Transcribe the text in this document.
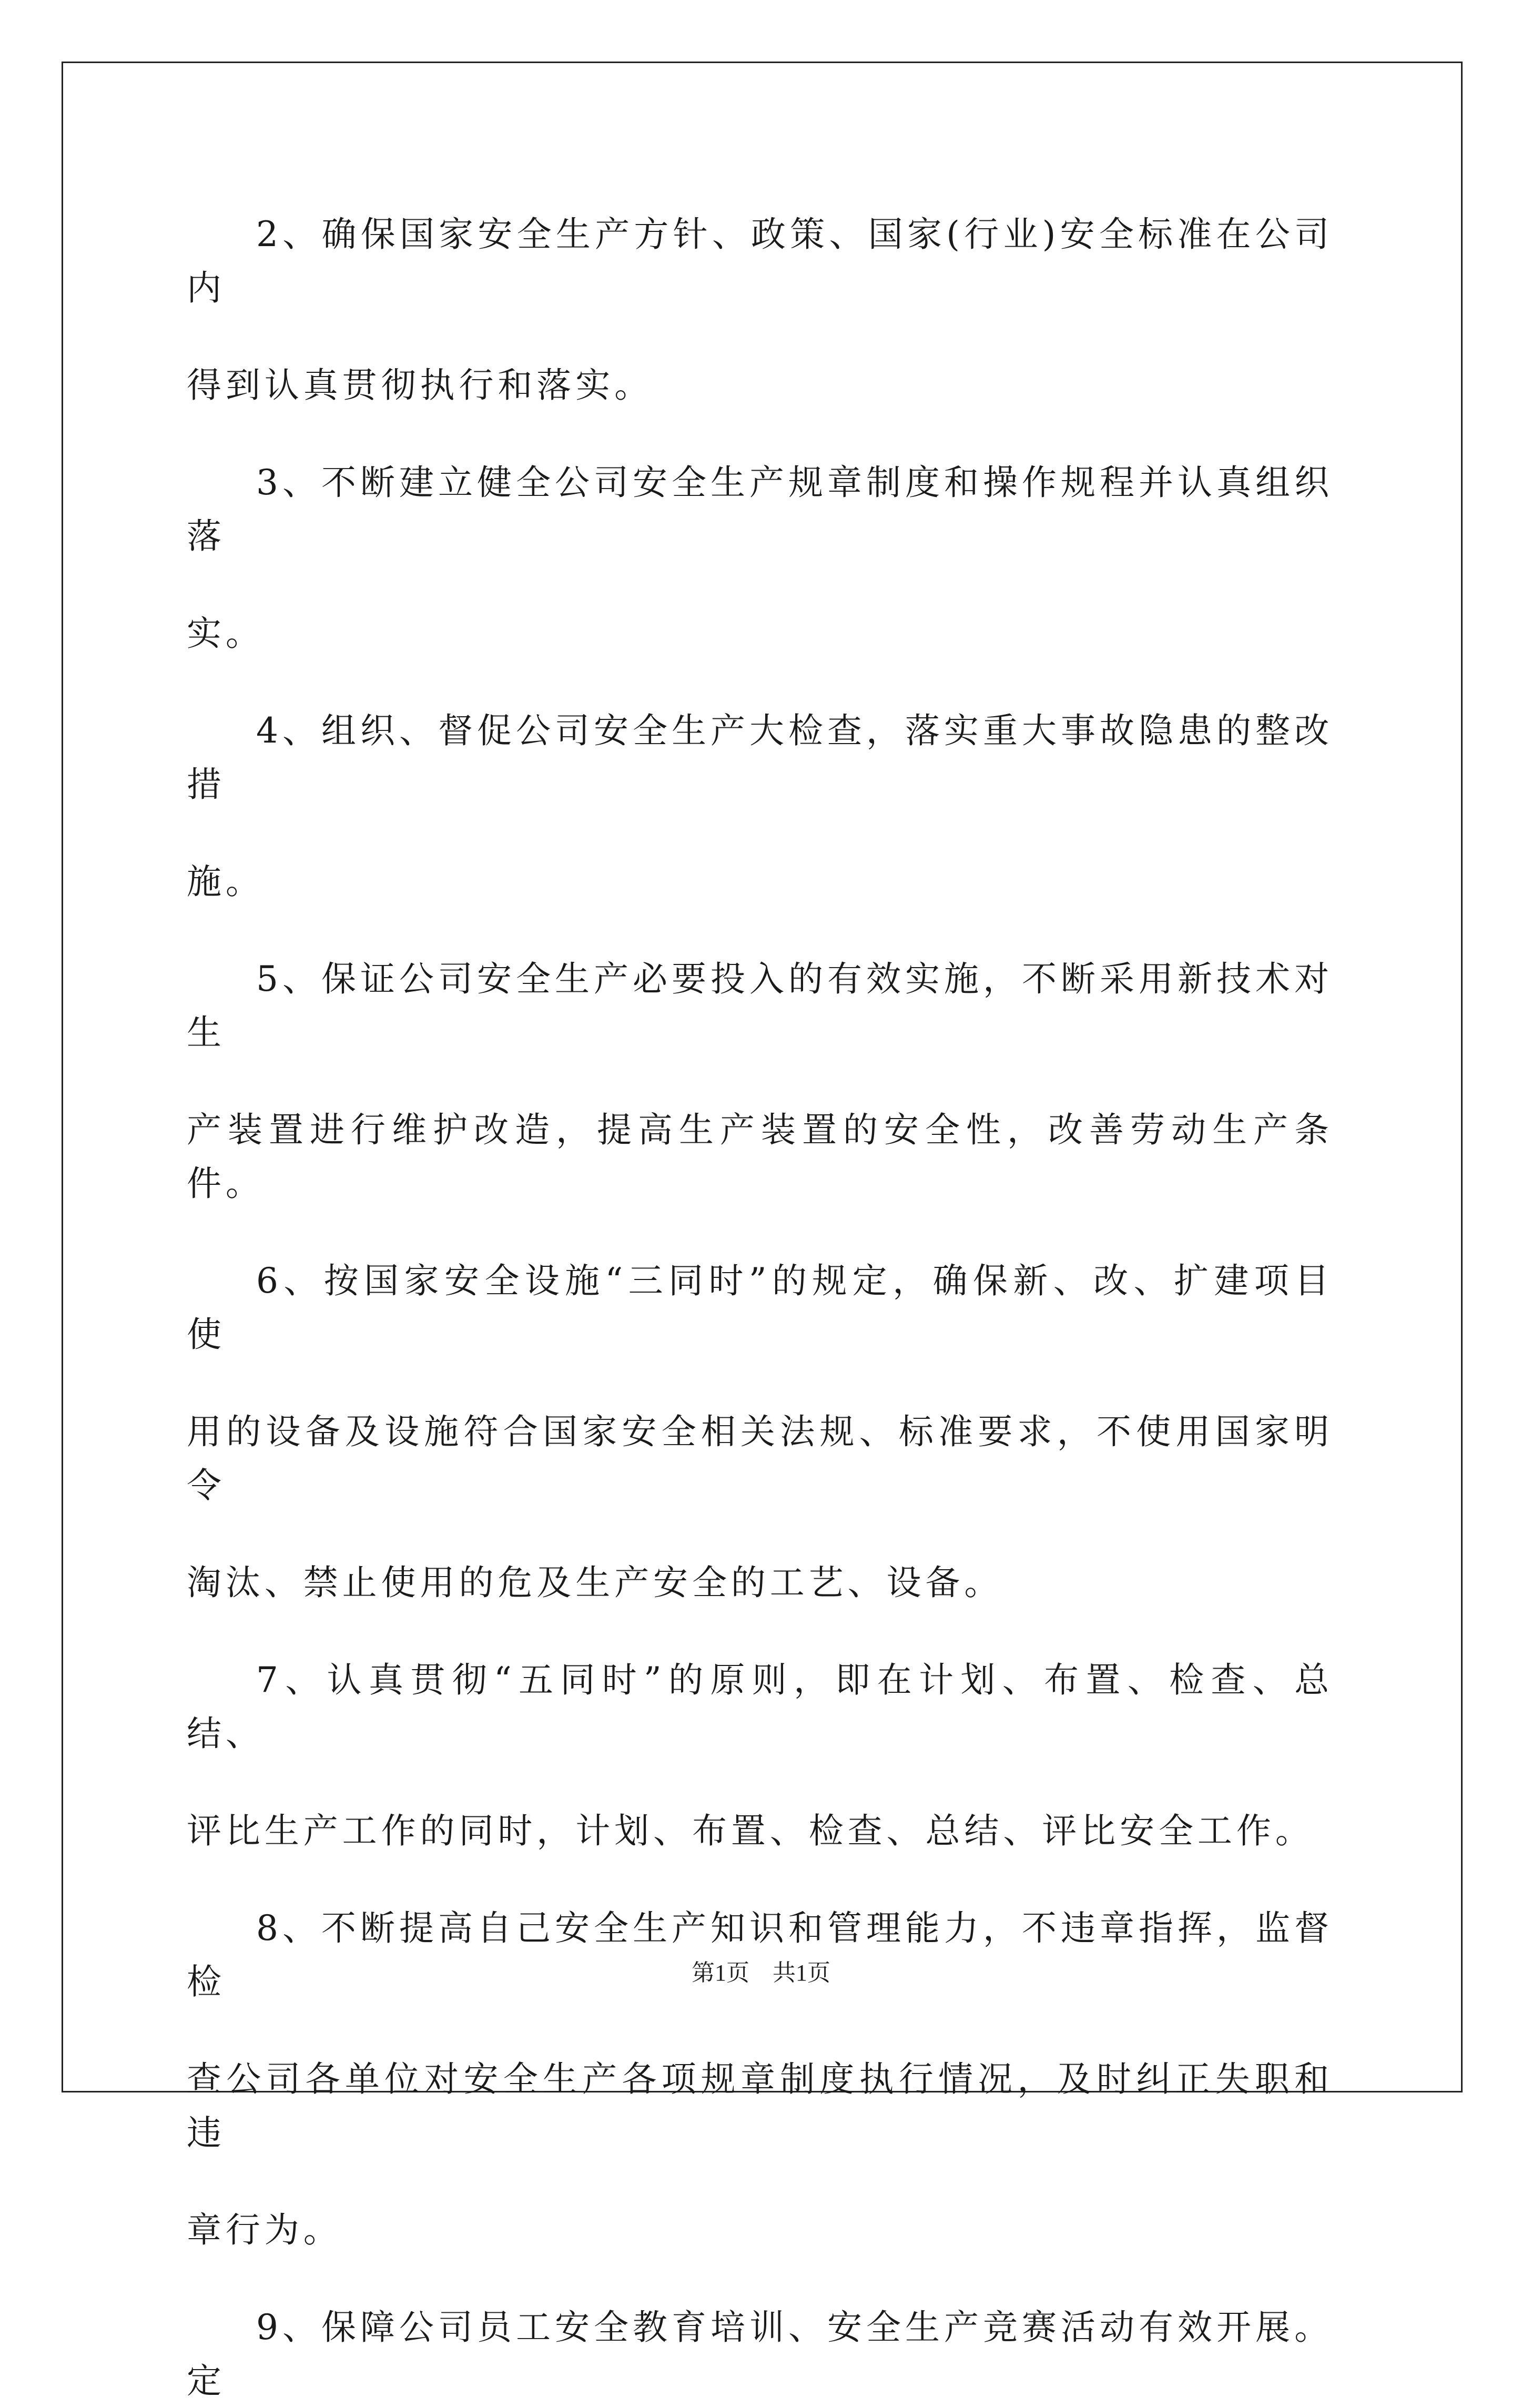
2、确保国家安全生产方针、政策、国家(行业)安全标准在公司内
得到认真贯彻执行和落实。

3、不断建立健全公司安全生产规章制度和操作规程并认真组织落
实。

4、组织、督促公司安全生产大检查，落实重大事故隐患的整改措
施。

5、保证公司安全生产必要投入的有效实施，不断采用新技术对生
产装置进行维护改造，提高生产装置的安全性，改善劳动生产条件。

6、按国家安全设施“三同时”的规定，确保新、改、扩建项目使
用的设备及设施符合国家安全相关法规、标准要求，不使用国家明令
淘汰、禁止使用的危及生产安全的工艺、设备。

7、认真贯彻“五同时”的原则，即在计划、布置、检查、总结、
评比生产工作的同时，计划、布置、检查、总结、评比安全工作。

8、不断提高自己安全生产知识和管理能力，不违章指挥，监督检
查公司各单位对安全生产各项规章制度执行情况，及时纠正失职和违
章行为。

9、保障公司员工安全教育培训、安全生产竞赛活动有效开展。定

第1页　共1页
